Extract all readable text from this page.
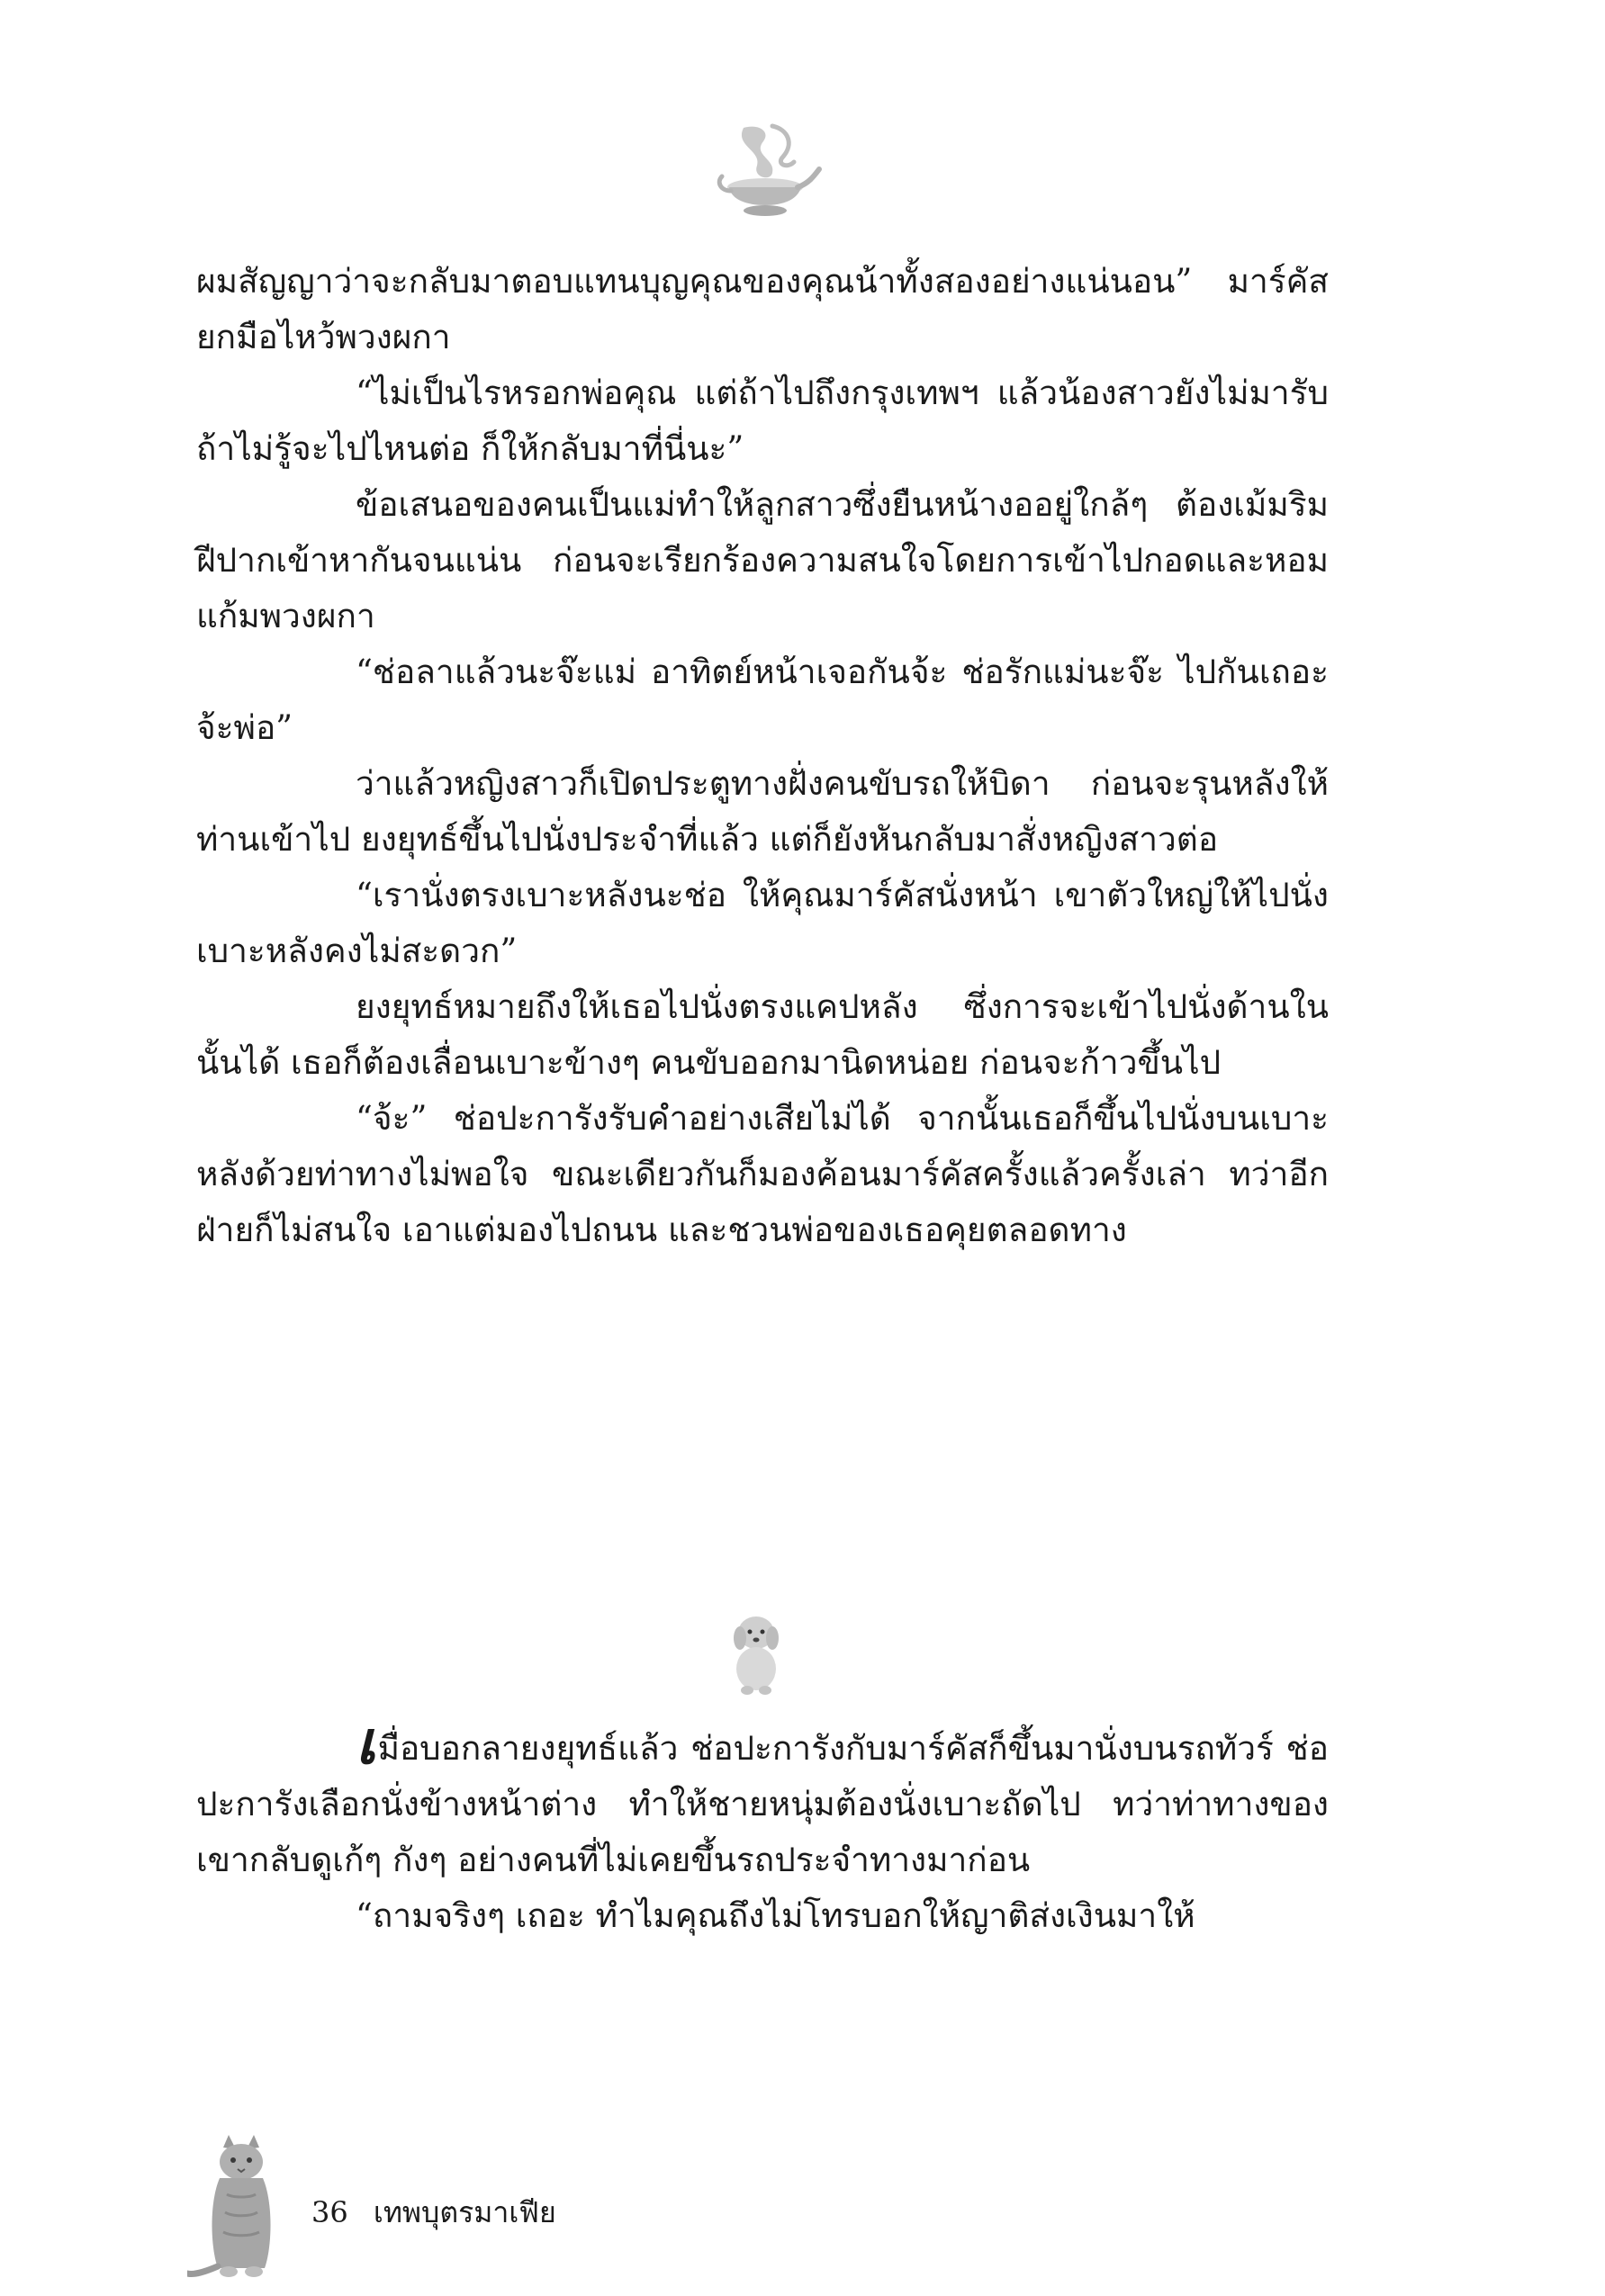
ผมสัญญาว่าจะกลับมาตอบแทนบุญคุณของคุณน้าทั้งสองอย่างแน่นอน” มาร์คัสยกมือไหว้พวงผกา

“ไม่เป็นไรหรอกพ่อคุณ แต่ถ้าไปถึงกรุงเทพฯ แล้วน้องสาวยังไม่มารับ ถ้าไม่รู้จะไปไหนต่อ ก็ให้กลับมาที่นี่นะ”

ข้อเสนอของคนเป็นแม่ทำให้ลูกสาวซึ่งยืนหน้างออยู่ใกล้ๆ ต้องเม้มริมฝีปากเข้าหากันจนแน่น ก่อนจะเรียกร้องความสนใจโดยการเข้าไปกอดและหอมแก้มพวงผกา

“ช่อลาแล้วนะจ๊ะแม่ อาทิตย์หน้าเจอกันจ้ะ ช่อรักแม่นะจ๊ะ ไปกันเถอะจ้ะพ่อ”

ว่าแล้วหญิงสาวก็เปิดประตูทางฝั่งคนขับรถให้บิดา ก่อนจะรุนหลังให้ท่านเข้าไป ยงยุทธ์ขึ้นไปนั่งประจำที่แล้ว แต่ก็ยังหันกลับมาสั่งหญิงสาวต่อ

“เรานั่งตรงเบาะหลังนะช่อ ให้คุณมาร์คัสนั่งหน้า เขาตัวใหญ่ให้ไปนั่งเบาะหลังคงไม่สะดวก”

ยงยุทธ์หมายถึงให้เธอไปนั่งตรงแคปหลัง ซึ่งการจะเข้าไปนั่งด้านในนั้นได้ เธอก็ต้องเลื่อนเบาะข้างๆ คนขับออกมานิดหน่อย ก่อนจะก้าวขึ้นไป

“จ้ะ” ช่อปะการังรับคำอย่างเสียไม่ได้ จากนั้นเธอก็ขึ้นไปนั่งบนเบาะหลังด้วยท่าทางไม่พอใจ ขณะเดียวกันก็มองค้อนมาร์คัสครั้งแล้วครั้งเล่า ทว่าอีกฝ่ายก็ไม่สนใจ เอาแต่มองไปถนน และชวนพ่อของเธอคุยตลอดทาง

เมื่อบอกลายงยุทธ์แล้ว ช่อปะการังกับมาร์คัสก็ขึ้นมานั่งบนรถทัวร์ ช่อปะการังเลือกนั่งข้างหน้าต่าง ทำให้ชายหนุ่มต้องนั่งเบาะถัดไป ทว่าท่าทางของเขากลับดูเก้ๆ กังๆ อย่างคนที่ไม่เคยขึ้นรถประจำทางมาก่อน

“ถามจริงๆ เถอะ ทำไมคุณถึงไม่โทรบอกให้ญาติส่งเงินมาให้

36 เทพบุตรมาเฟีย
